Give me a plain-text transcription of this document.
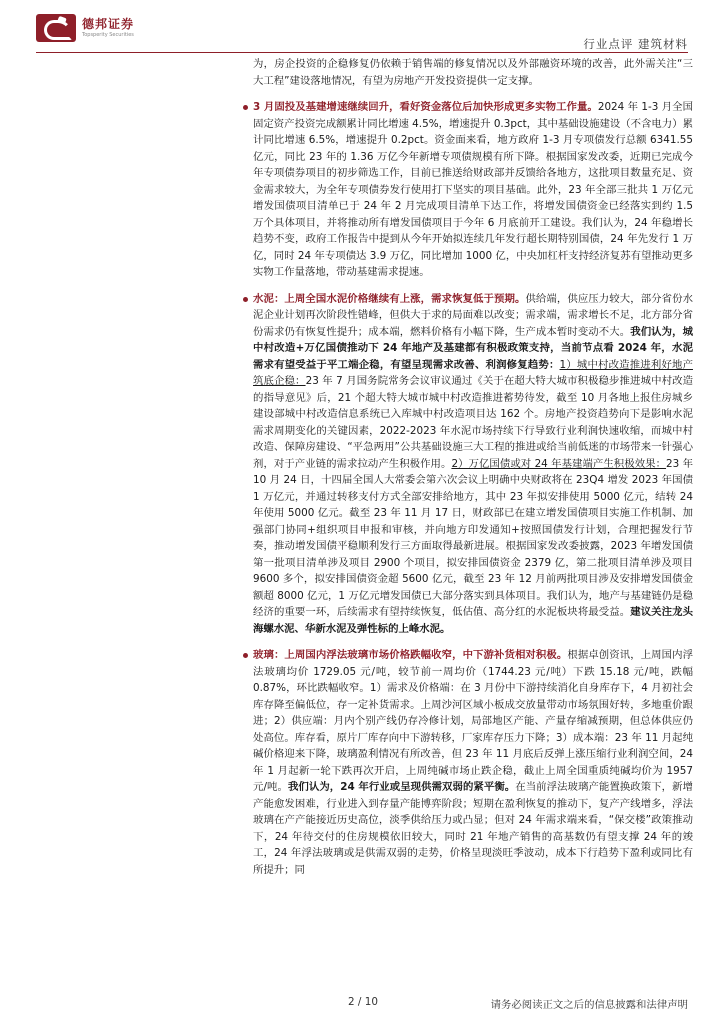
德邦证券
Topsperity Securities
行业点评 建筑材料

为，房企投资的企稳修复仍依赖于销售端的修复情况以及外部融资环境的改善，此外需关注“三大工程”建设落地情况，有望为房地产开发投资提供一定支撑。

3 月固投及基建增速继续回升，看好资金落位后加快形成更多实物工作量。2024 年 1-3 月全国固定资产投资完成额累计同比增速 4.5%，增速提升 0.3pct，其中基础设施建设（不含电力）累计同比增速 6.5%，增速提升 0.2pct。资金面来看，地方政府 1-3 月专项债发行总额 6341.55 亿元，同比 23 年的 1.36 万亿今年新增专项债规模有所下降。根据国家发改委，近期已完成今年专项债券项目的初步筛选工作，目前已推送给财政部并反馈给各地方，这批项目数量充足、资金需求较大，为全年专项债券发行使用打下坚实的项目基础。此外，23 年全部三批共 1 万亿元增发国债项目清单已于 24 年 2 月完成项目清单下达工作，将增发国债资金已经落实到约 1.5 万个具体项目，并将推动所有增发国债项目于今年 6 月底前开工建设。我们认为，24 年稳增长趋势不变，政府工作报告中提到从今年开始拟连续几年发行超长期特别国债，24 年先发行 1 万亿，同时 24 年专项债达 3.9 万亿，同比增加 1000 亿，中央加杠杆支持经济复苏有望推动更多实物工作量落地，带动基建需求提速。

水泥：上周全国水泥价格继续有上涨，需求恢复低于预期。供给端，供应压力较大，部分省份水泥企业计划再次阶段性错峰，但供大于求的局面难以改变；需求端，需求增长不足，北方部分省份需求仍有恢复性提升；成本端，燃料价格有小幅下降，生产成本暂时变动不大。我们认为，城中村改造+万亿国债推动下 24 年地产及基建都有积极政策支持，当前节点看 2024 年，水泥需求有望受益于平工端企稳，有望呈现需求改善、利润修复趋势：1）城中村改造推进利好地产筑底企稳：23 年 7 月国务院常务会议审议通过《关于在超大特大城市积极稳步推进城中村改造的指导意见》后，21 个超大特大城市城中村改造推进蓄势待发，截至 10 月各地上报住房城乡建设部城中村改造信息系统已入库城中村改造项目达 162 个。房地产投资趋势向下是影响水泥需求周期变化的关键因素，2022-2023 年水泥市场持续下行导致行业利润快速收缩，而城中村改造、保障房建设、“平急两用”公共基础设施三大工程的推进或给当前低迷的市场带来一针强心剂，对于产业链的需求拉动产生积极作用。2）万亿国债或对 24 年基建端产生积极效果：23 年 10 月 24 日，十四届全国人大常委会第六次会议上明确中央财政将在 23Q4 增发 2023 年国债 1 万亿元，并通过转移支付方式全部安排给地方，其中 23 年拟安排使用 5000 亿元，结转 24 年使用 5000 亿元。截至 23 年 11 月 17 日，财政部已在建立增发国债项目实施工作机制、加强部门协同+组织项目申报和审核，并向地方印发通知+按照国债发行计划，合理把握发行节奏，推动增发国债平稳顺利发行三方面取得最新进展。根据国家发改委披露，2023 年增发国债第一批项目清单涉及项目 2900 个项目，拟安排国债资金 2379 亿，第二批项目清单涉及项目 9600 多个，拟安排国债资金超 5600 亿元，截至 23 年 12 月前两批项目涉及安排增发国债金额超 8000 亿元，1 万亿元增发国债已大部分落实到具体项目。我们认为，地产与基建链仍是稳经济的重要一环，后续需求有望持续恢复，低估值、高分红的水泥板块将最受益。建议关注龙头海螺水泥、华新水泥及弹性标的上峰水泥。

玻璃：上周国内浮法玻璃市场价格跌幅收窄，中下游补货相对积极。根据卓创资讯，上周国内浮法玻璃均价 1729.05 元/吨，较节前一周均价（1744.23 元/吨）下跌 15.18 元/吨，跌幅 0.87%，环比跌幅收窄。1）需求及价格端：在 3 月份中下游持续消化自身库存下，4 月初社会库存降至偏低位，存一定补货需求。上周沙河区域小板成交放量带动市场氛围好转，多地重价跟进；2）供应端：月内个别产线仍存冷修计划，局部地区产能、产量存缩减预期，但总体供应仍处高位。库存看，原片厂库存向中下游转移，厂家库存压力下降；3）成本端：23 年 11 月起纯碱价格迎来下降，玻璃盈利情况有所改善，但 23 年 11 月底后反弹上涨压缩行业利润空间，24 年 1 月起新一轮下跌再次开启，上周纯碱市场止跌企稳，截止上周全国重质纯碱均价为 1957 元/吨。我们认为，24 年行业或呈现供需双弱的紧平衡。在当前浮法玻璃产能置换政策下，新增产能愈发困难，行业进入到存量产能博弈阶段；短期在盈利恢复的推动下，复产产线增多，浮法玻璃在产产能接近历史高位，淡季供给压力或凸显；但对 24 年需求端来看，“保交楼”政策推动下，24 年待交付的住房规模依旧较大，同时 21 年地产销售的高基数仍有望支撑 24 年的竣工，24 年浮法玻璃或是供需双弱的走势，价格呈现淡旺季波动，成本下行趋势下盈利或同比有所提升；同

2 / 10	请务必阅读正文之后的信息披露和法律声明
